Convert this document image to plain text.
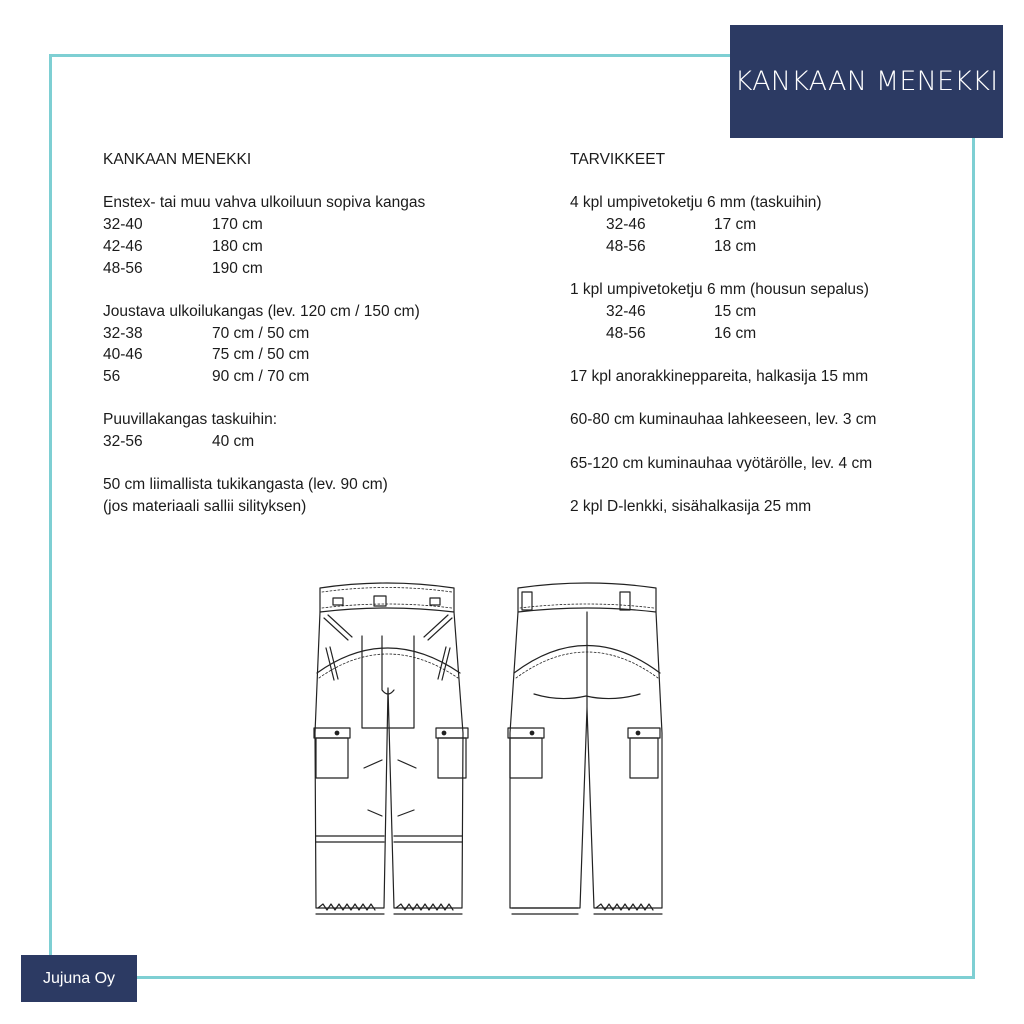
KANKAAN MENEKKI
KANKAAN MENEKKI
Enstex- tai muu vahva ulkoiluun sopiva kangas
32-40	170 cm
42-46	180 cm
48-56	190 cm
Joustava ulkoilukangas (lev. 120 cm / 150 cm)
32-38	70 cm / 50 cm
40-46	75 cm / 50 cm
56	90 cm / 70 cm
Puuvillakangas taskuihin:
32-56	40 cm
50 cm liimallista tukikangasta (lev. 90 cm)
(jos materiaali sallii silityksen)
TARVIKKEET
4 kpl umpivetoketju 6 mm (taskuihin)
32-46	17 cm
48-56	18 cm
1 kpl umpivetoketju 6 mm (housun sepalus)
32-46	15 cm
48-56	16 cm
17 kpl anorakkineppareita, halkasija 15 mm
60-80 cm kuminauhaa lahkeeseen, lev. 3 cm
65-120 cm kuminauhaa vyötärölle, lev. 4 cm
2 kpl D-lenkki, sisähalkasija 25 mm
Jujuna Oy
